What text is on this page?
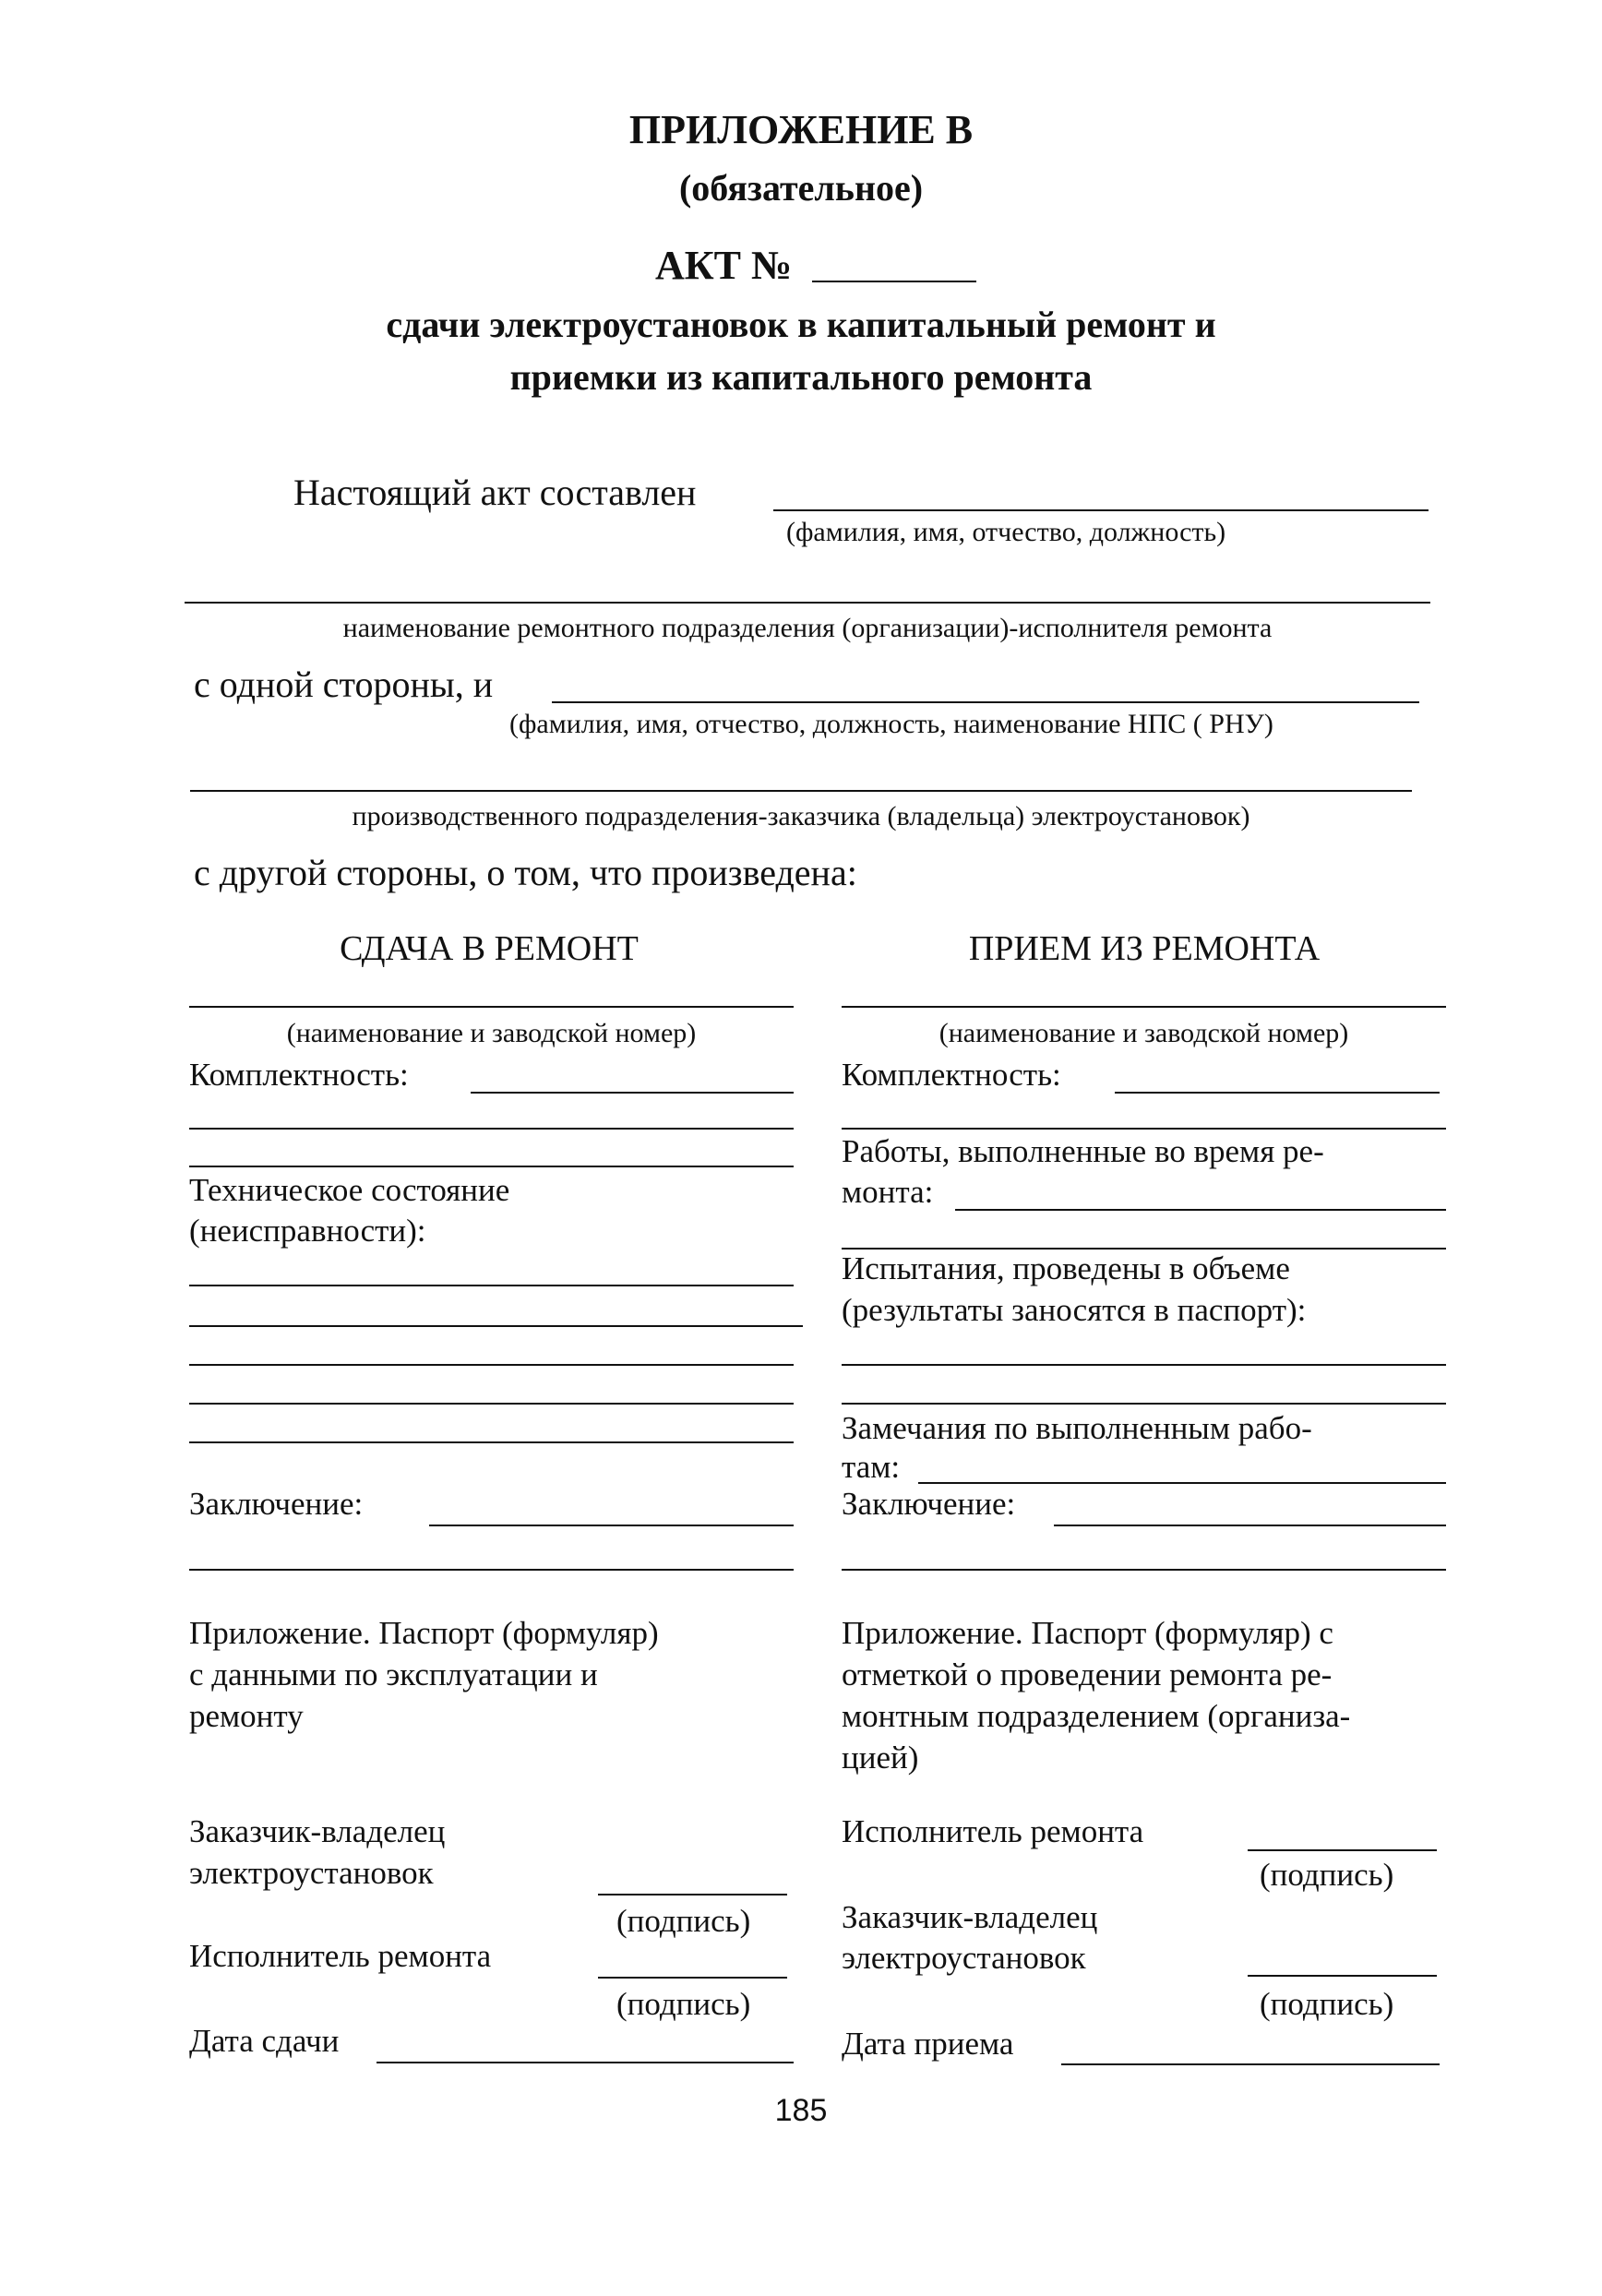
ПРИЛОЖЕНИЕ В
(обязательное)
АКТ №
сдачи электроустановок в капитальный ремонт и
приемки из капитального ремонта
Настоящий акт составлен
(фамилия, имя, отчество, должность)
наименование ремонтного подразделения (организации)-исполнителя ремонта
с одной стороны, и
(фамилия, имя, отчество, должность, наименование НПС ( РНУ)
производственного подразделения-заказчика (владельца) электроустановок)
с другой стороны, о том, что произведена:
СДАЧА В РЕМОНТ
(наименование и заводской номер)
Комплектность:
Техническое состояние
(неисправности):
Заключение:
Приложение. Паспорт (формуляр)
с данными по эксплуатации и
ремонту
Заказчик-владелец
электроустановок
(подпись)
Исполнитель ремонта
(подпись)
Дата сдачи
ПРИЕМ ИЗ РЕМОНТА
(наименование и заводской номер)
Комплектность:
Работы, выполненные во время ре-
монта:
Испытания, проведены в объеме
(результаты заносятся в паспорт):
Замечания по выполненным рабо-
там:
Заключение:
Приложение. Паспорт (формуляр) с
отметкой о проведении ремонта ре-
монтным подразделением (организа-
цией)
Исполнитель ремонта
(подпись)
Заказчик-владелец
электроустановок
(подпись)
Дата приема
185
